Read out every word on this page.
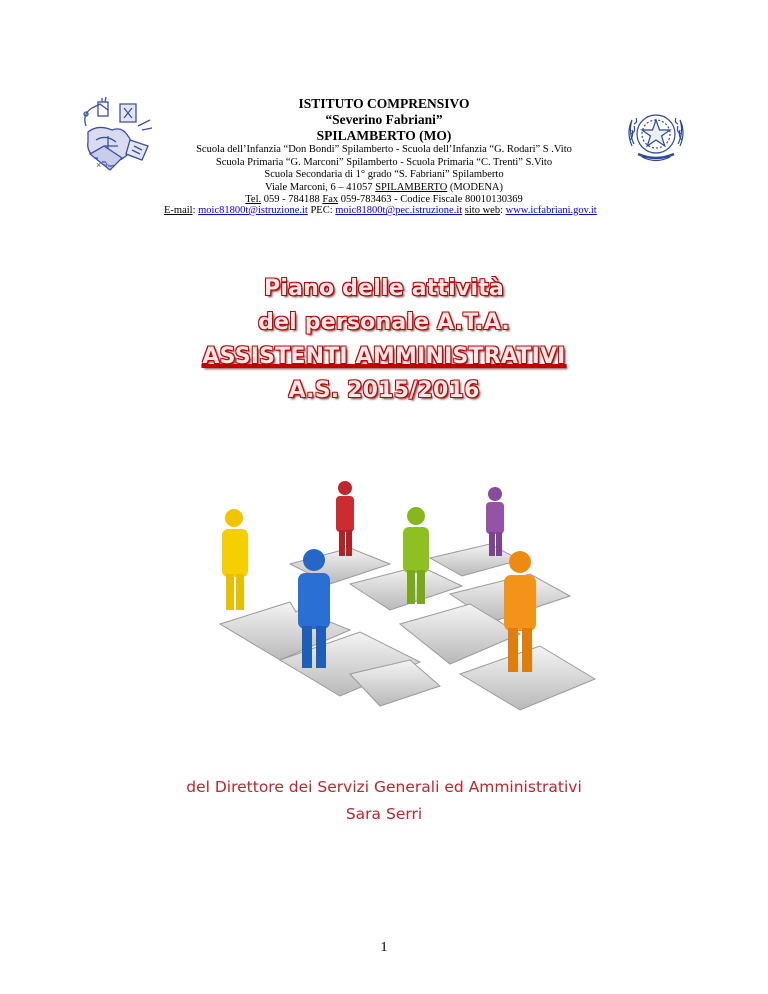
× + -
ISTITUTO COMPRENSIVO
“Severino Fabriani”
SPILAMBERTO (MO)
Scuola dell’Infanzia “Don Bondi” Spilamberto - Scuola dell’Infanzia “G. Rodari” S .Vito
Scuola Primaria “G. Marconi” Spilamberto - Scuola Primaria “C. Trenti” S.Vito
Scuola Secondaria di 1° grado “S. Fabriani” Spilamberto
Viale Marconi, 6 – 41057 SPILAMBERTO (MODENA)
Tel. 059 - 784188 Fax 059-783463 - Codice Fiscale 80010130369
E-mail: moic81800t@istruzione.it PEC: moic81800t@pec.istruzione.it sito web: www.icfabriani.gov.it
Piano delle attività
del personale A.T.A.
ASSISTENTI AMMINISTRATIVI
A.S. 2015/2016
del Direttore dei Servizi Generali ed Amministrativi
Sara Serri
1
